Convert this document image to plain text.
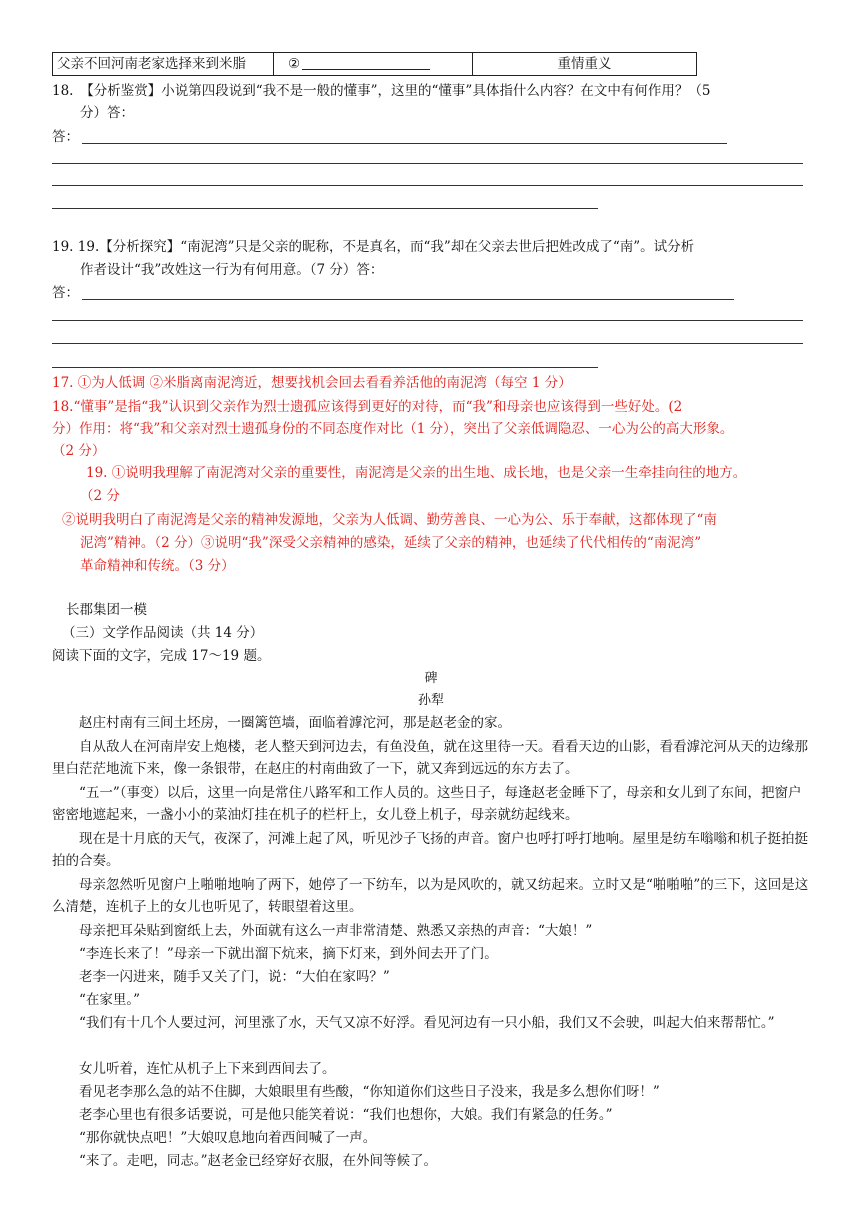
父亲不回河南老家选择来到米脂	②	重情重义
18.　【分析鉴赏】小说第四段说到“我不是一般的懂事”，这里的“懂事”具体指什么内容？在文中有何作用？（5
分）答：
答：
19. 19.【分析探究】“南泥湾”只是父亲的昵称，不是真名，而“我”却在父亲去世后把姓改成了“南”。试分析
作者设计“我”改姓这一行为有何用意。（7 分）答：
答：
17. ①为人低调 ②米脂离南泥湾近，想要找机会回去看看养活他的南泥湾（每空 1 分）
18.“懂事”是指“我”认识到父亲作为烈士遗孤应该得到更好的对待，而“我”和母亲也应该得到一些好处。(2
分）作用：将“我”和父亲对烈士遗孤身份的不同态度作对比（1 分），突出了父亲低调隐忍、一心为公的高大形象。
（2 分）
19. ①说明我理解了南泥湾对父亲的重要性，南泥湾是父亲的出生地、成长地，也是父亲一生牵挂向往的地方。
（2 分
②说明我明白了南泥湾是父亲的精神发源地，父亲为人低调、勤劳善良、一心为公、乐于奉献，这都体现了“南
泥湾”精神。（2 分）③说明“我”深受父亲精神的感染，延续了父亲的精神，也延续了代代相传的“南泥湾”
革命精神和传统。（3 分）
长郡集团一模
（三）文学作品阅读（共 14 分）
阅读下面的文字，完成 17～19 题。
碑
孙犁
赵庄村南有三间土坯房，一圈篱笆墙，面临着滹沱河，那是赵老金的家。
自从敌人在河南岸安上炮楼，老人整天到河边去，有鱼没鱼，就在这里待一天。看看天边的山影，看看滹沱河从天的边缘那里白茫茫地流下来，像一条银带，在赵庄的村南曲致了一下，就又奔到远远的东方去了。
“五一”（事变）以后，这里一向是常住八路军和工作人员的。这些日子，每逢赵老金睡下了，母亲和女儿到了东间，把窗户密密地遮起来，一盏小小的菜油灯挂在机子的栏杆上，女儿登上机子，母亲就纺起线来。
现在是十月底的天气，夜深了，河滩上起了风，听见沙子飞扬的声音。窗户也呼打呼打地响。屋里是纺车嗡嗡和机子挺拍挺拍的合奏。
母亲忽然听见窗户上啪啪地响了两下，她停了一下纺车，以为是风吹的，就又纺起来。立时又是“啪啪啪”的三下，这回是这么清楚，连机子上的女儿也听见了，转眼望着这里。
母亲把耳朵贴到窗纸上去，外面就有这么一声非常清楚、熟悉又亲热的声音：“大娘！”
“李连长来了！”母亲一下就出溜下炕来，摘下灯来，到外间去开了门。
老李一闪进来，随手又关了门，说：“大伯在家吗？”
“在家里。”
“我们有十几个人要过河，河里涨了水，天气又凉不好浮。看见河边有一只小船，我们又不会驶，叫起大伯来帮帮忙。”
女儿听着，连忙从机子上下来到西间去了。
看见老李那么急的站不住脚，大娘眼里有些酸，“你知道你们这些日子没来，我是多么想你们呀！”
老李心里也有很多话要说，可是他只能笑着说：“我们也想你，大娘。我们有紧急的任务。”
“那你就快点吧！”大娘叹息地向着西间喊了一声。
“来了。走吧，同志。”赵老金已经穿好衣服，在外间等候了。
